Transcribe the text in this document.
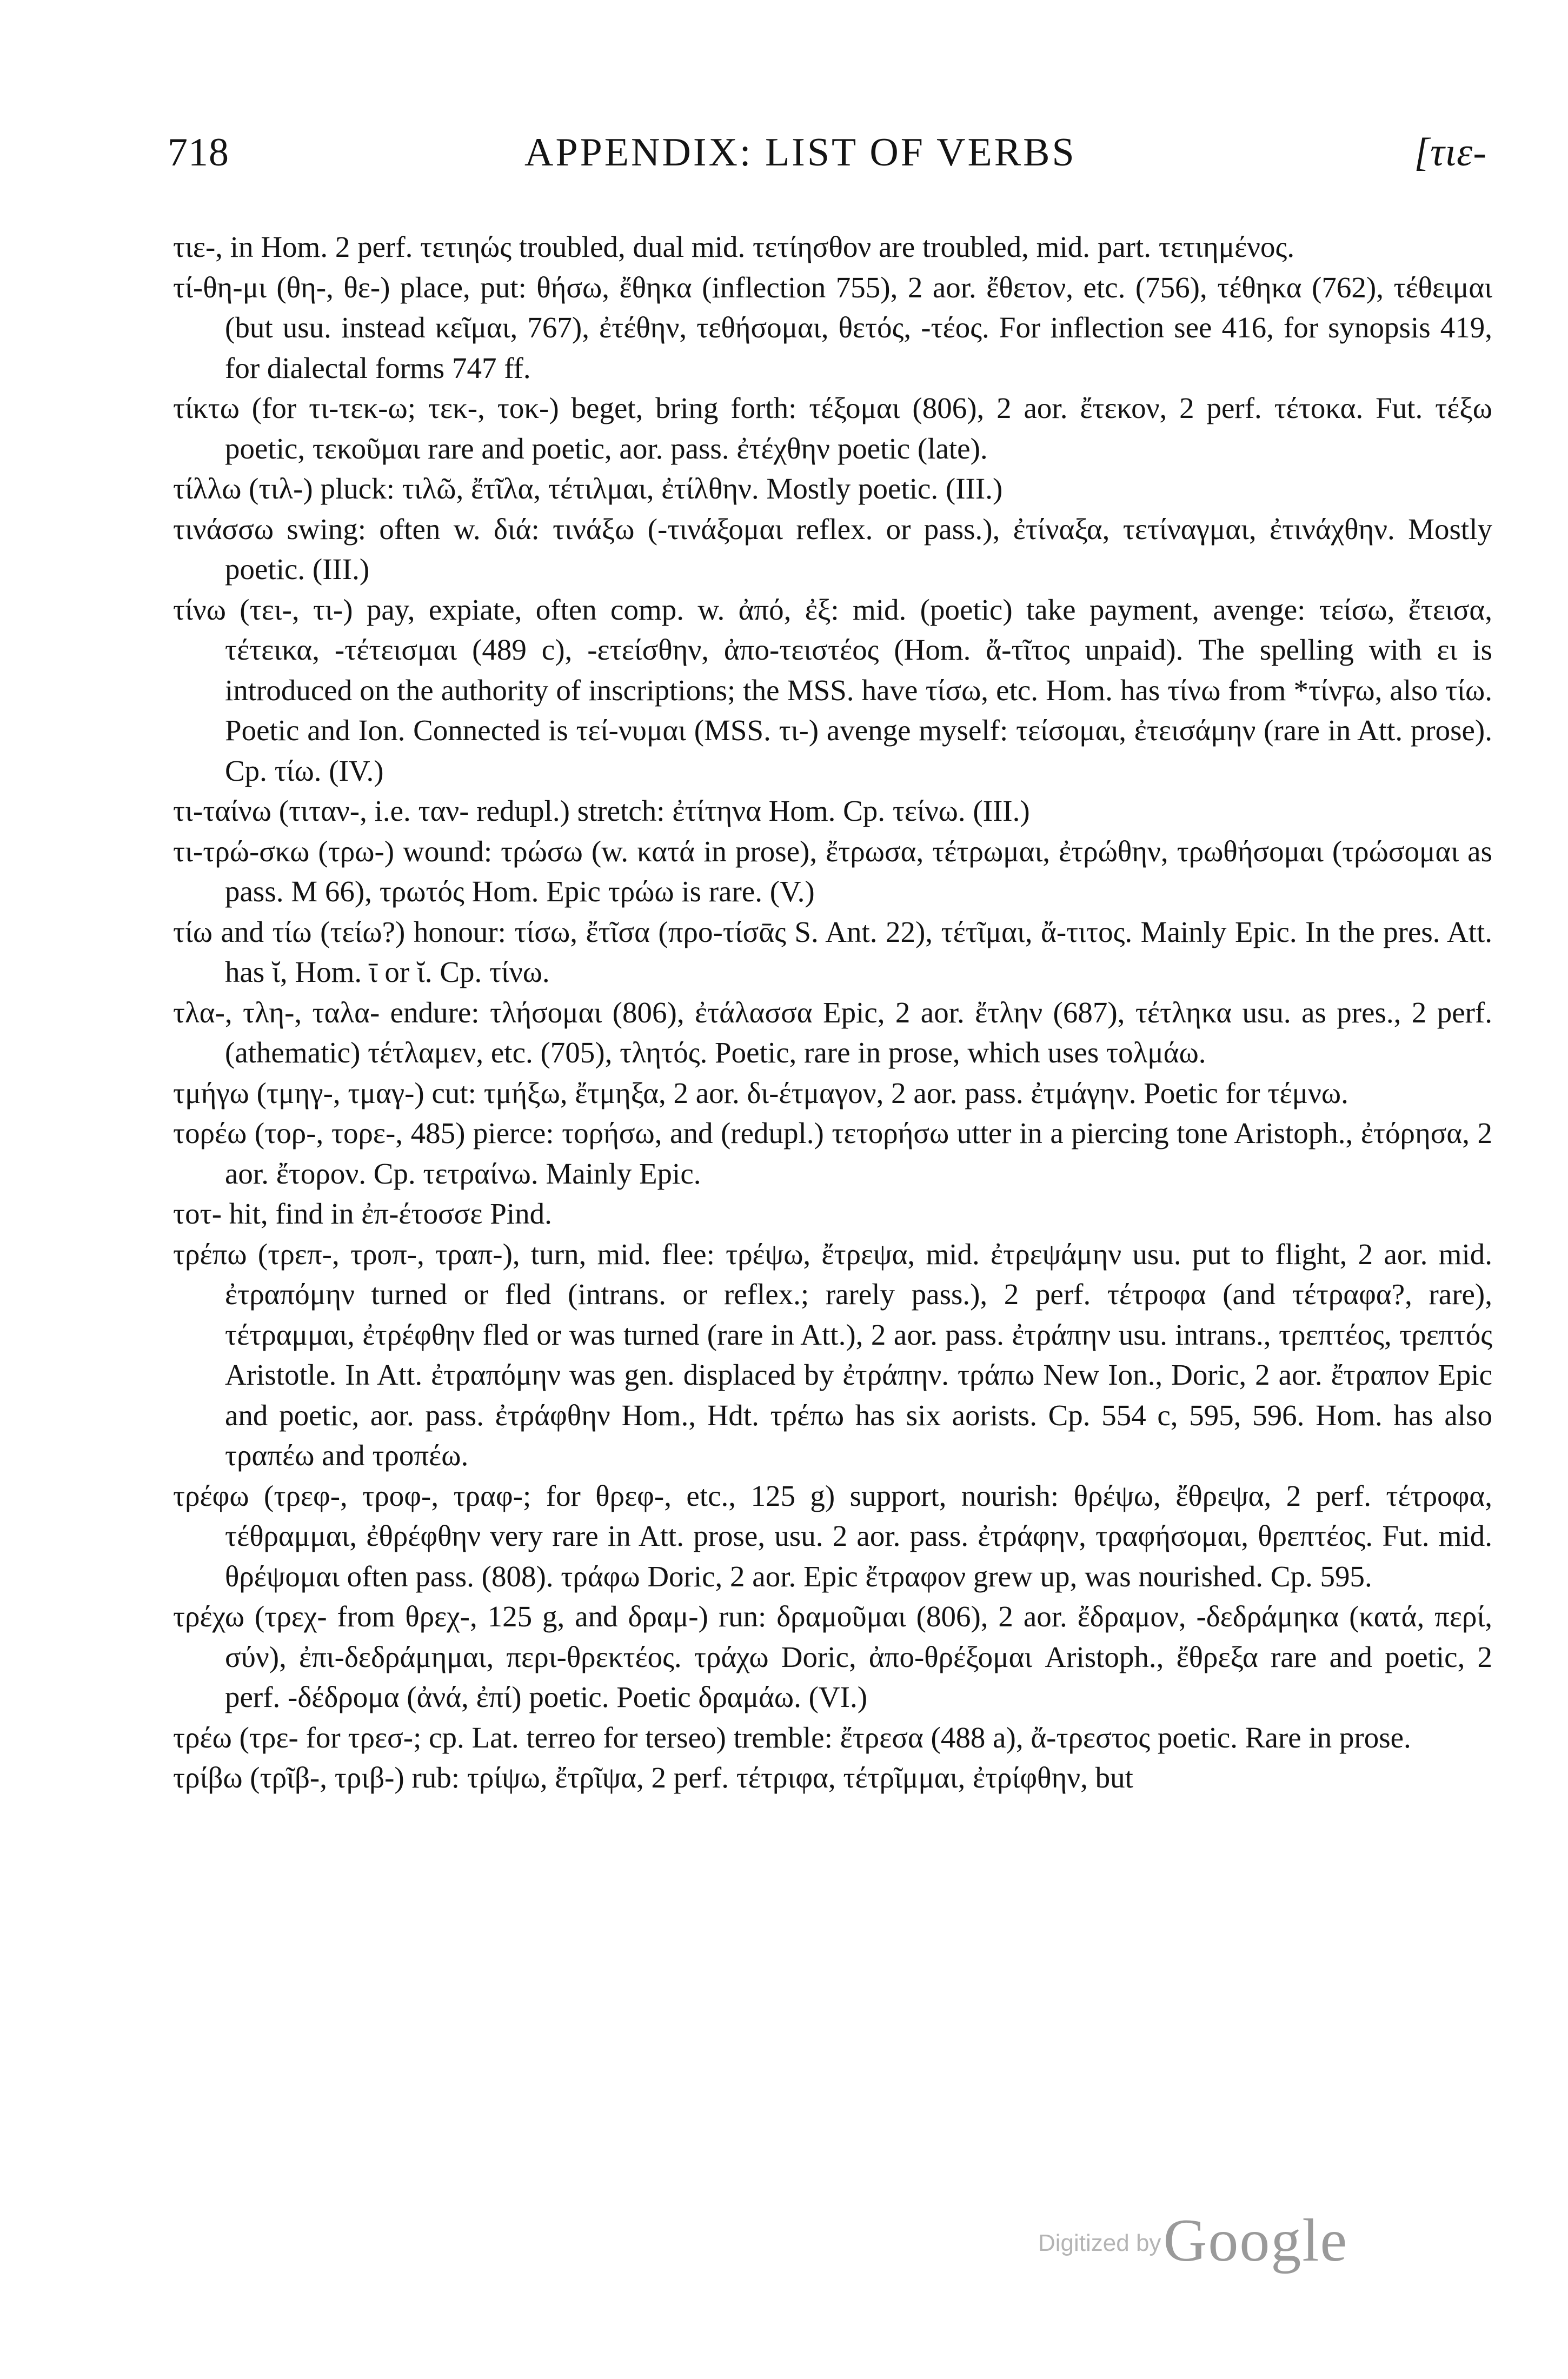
718	APPENDIX: LIST OF VERBS	[τιε-

τιε-, in Hom. 2 perf. τετιηώς troubled, dual mid. τετίησθον are troubled, mid. part. τετιημένος.

τί-θη-μι (θη-, θε-) place, put: θήσω, ἔθηκα (inflection 755), 2 aor. ἔθετον, etc. (756), τέθηκα (762), τέθειμαι (but usu. instead κεῖμαι, 767), ἐτέθην, τεθήσομαι, θετός, -τέος. For inflection see 416, for synopsis 419, for dialectal forms 747 ff.

τίκτω (for τι-τεκ-ω; τεκ-, τοκ-) beget, bring forth: τέξομαι (806), 2 aor. ἔτεκον, 2 perf. τέτοκα. Fut. τέξω poetic, τεκοῦμαι rare and poetic, aor. pass. ἐτέχθην poetic (late).

τίλλω (τιλ-) pluck: τιλῶ, ἔτῖλα, τέτιλμαι, ἐτίλθην. Mostly poetic. (III.)

τινάσσω swing: often w. διά: τινάξω (-τινάξομαι reflex. or pass.), ἐτίναξα, τετίναγμαι, ἐτινάχθην. Mostly poetic. (III.)

τίνω (τει-, τι-) pay, expiate, often comp. w. ἀπό, ἐξ: mid. (poetic) take payment, avenge: τείσω, ἔτεισα, τέτεικα, -τέτεισμαι (489 c), -ετείσθην, ἀπο-τειστέος (Hom. ἄ-τῖτος unpaid). The spelling with ει is introduced on the authority of inscriptions; the MSS. have τίσω, etc. Hom. has τίνω from *τίνϝω, also τίω. Poetic and Ion. Connected is τεί-νυμαι (MSS. τι-) avenge myself: τείσομαι, ἐτεισάμην (rare in Att. prose). Cp. τίω. (IV.)

τι-ταίνω (τιταν-, i.e. ταν- redupl.) stretch: ἐτίτηνα Hom. Cp. τείνω. (III.)

τι-τρώ-σκω (τρω-) wound: τρώσω (w. κατά in prose), ἔτρωσα, τέτρωμαι, ἐτρώθην, τρωθήσομαι (τρώσομαι as pass. M 66), τρωτός Hom. Epic τρώω is rare. (V.)

τίω and τίω (τείω?) honour: τίσω, ἔτῖσα (προ-τίσᾱς S. Ant. 22), τέτῖμαι, ἄ-τιτος. Mainly Epic. In the pres. Att. has ῐ, Hom. ῑ or ῐ. Cp. τίνω.

τλα-, τλη-, ταλα- endure: τλήσομαι (806), ἐτάλασσα Epic, 2 aor. ἔτλην (687), τέτληκα usu. as pres., 2 perf. (athematic) τέτλαμεν, etc. (705), τλητός. Poetic, rare in prose, which uses τολμάω.

τμήγω (τμηγ-, τμαγ-) cut: τμήξω, ἔτμηξα, 2 aor. δι-έτμαγον, 2 aor. pass. ἐτμάγην. Poetic for τέμνω.

τορέω (τορ-, τορε-, 485) pierce: τορήσω, and (redupl.) τετορήσω utter in a piercing tone Aristoph., ἐτόρησα, 2 aor. ἔτορον. Cp. τετραίνω. Mainly Epic.

τοτ- hit, find in ἐπ-έτοσσε Pind.

τρέπω (τρεπ-, τροπ-, τραπ-), turn, mid. flee: τρέψω, ἔτρεψα, mid. ἐτρεψάμην usu. put to flight, 2 aor. mid. ἐτραπόμην turned or fled (intrans. or reflex.; rarely pass.), 2 perf. τέτροφα (and τέτραφα?, rare), τέτραμμαι, ἐτρέφθην fled or was turned (rare in Att.), 2 aor. pass. ἐτράπην usu. intrans., τρεπτέος, τρεπτός Aristotle. In Att. ἐτραπόμην was gen. displaced by ἐτράπην. τράπω New Ion., Doric, 2 aor. ἔτραπον Epic and poetic, aor. pass. ἐτράφθην Hom., Hdt. τρέπω has six aorists. Cp. 554 c, 595, 596. Hom. has also τραπέω and τροπέω.

τρέφω (τρεφ-, τροφ-, τραφ-; for θρεφ-, etc., 125 g) support, nourish: θρέψω, ἔθρεψα, 2 perf. τέτροφα, τέθραμμαι, ἐθρέφθην very rare in Att. prose, usu. 2 aor. pass. ἐτράφην, τραφήσομαι, θρεπτέος. Fut. mid. θρέψομαι often pass. (808). τράφω Doric, 2 aor. Epic ἔτραφον grew up, was nourished. Cp. 595.

τρέχω (τρεχ- from θρεχ-, 125 g, and δραμ-) run: δραμοῦμαι (806), 2 aor. ἔδραμον, -δεδράμηκα (κατά, περί, σύν), ἐπι-δεδράμημαι, περι-θρεκτέος. τράχω Doric, ἀπο-θρέξομαι Aristoph., ἔθρεξα rare and poetic, 2 perf. -δέδρομα (ἀνά, ἐπί) poetic. Poetic δραμάω. (VI.)

τρέω (τρε- for τρεσ-; cp. Lat. terreo for terseo) tremble: ἔτρεσα (488 a), ἄ-τρεστος poetic. Rare in prose.

τρίβω (τρῖβ-, τριβ-) rub: τρίψω, ἔτρῖψα, 2 perf. τέτριφα, τέτρῖμμαι, ἐτρίφθην, but

Digitized by Google
